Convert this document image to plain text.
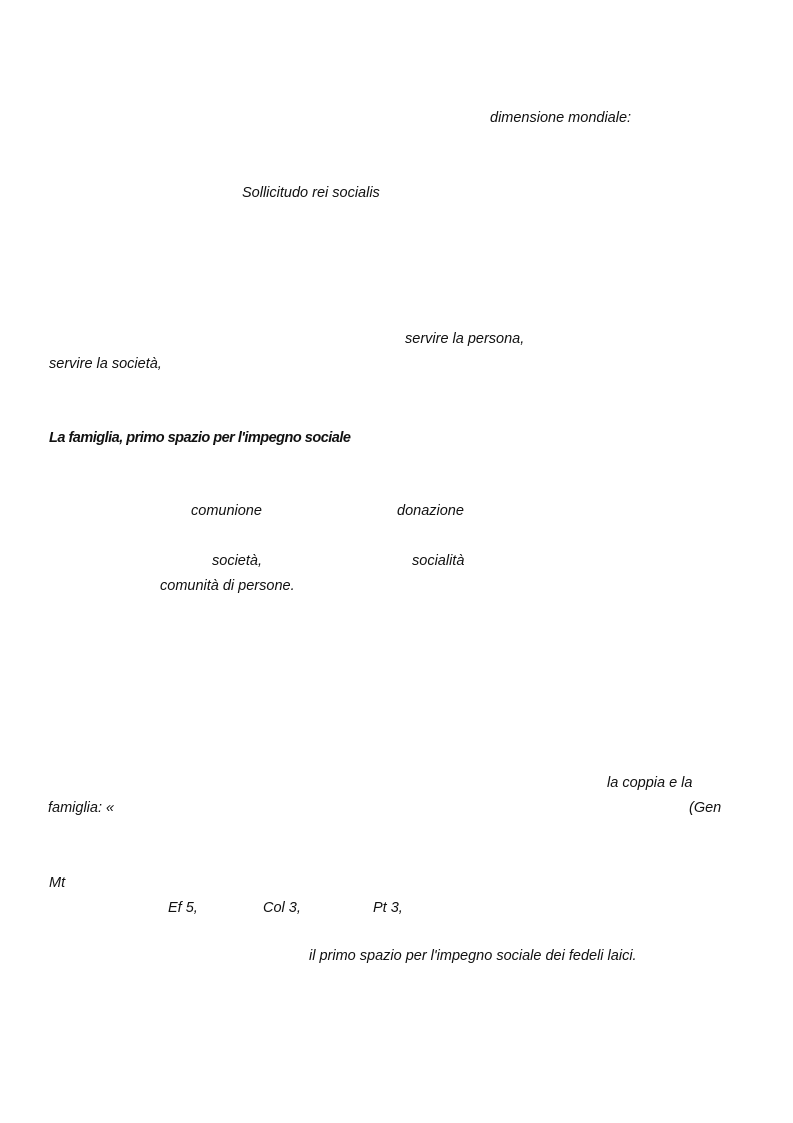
dimensione mondiale:
Sollicitudo rei socialis
servire la persona,
servire la società,
La famiglia, primo spazio per l'impegno sociale
comunione	donazione
società,	socialità
comunità di persone.
la coppia e la
famiglia: «	(Gen
Mt
Ef 5,	Col 3,	Pt 3,
il primo spazio per l'impegno sociale dei fedeli laici.
